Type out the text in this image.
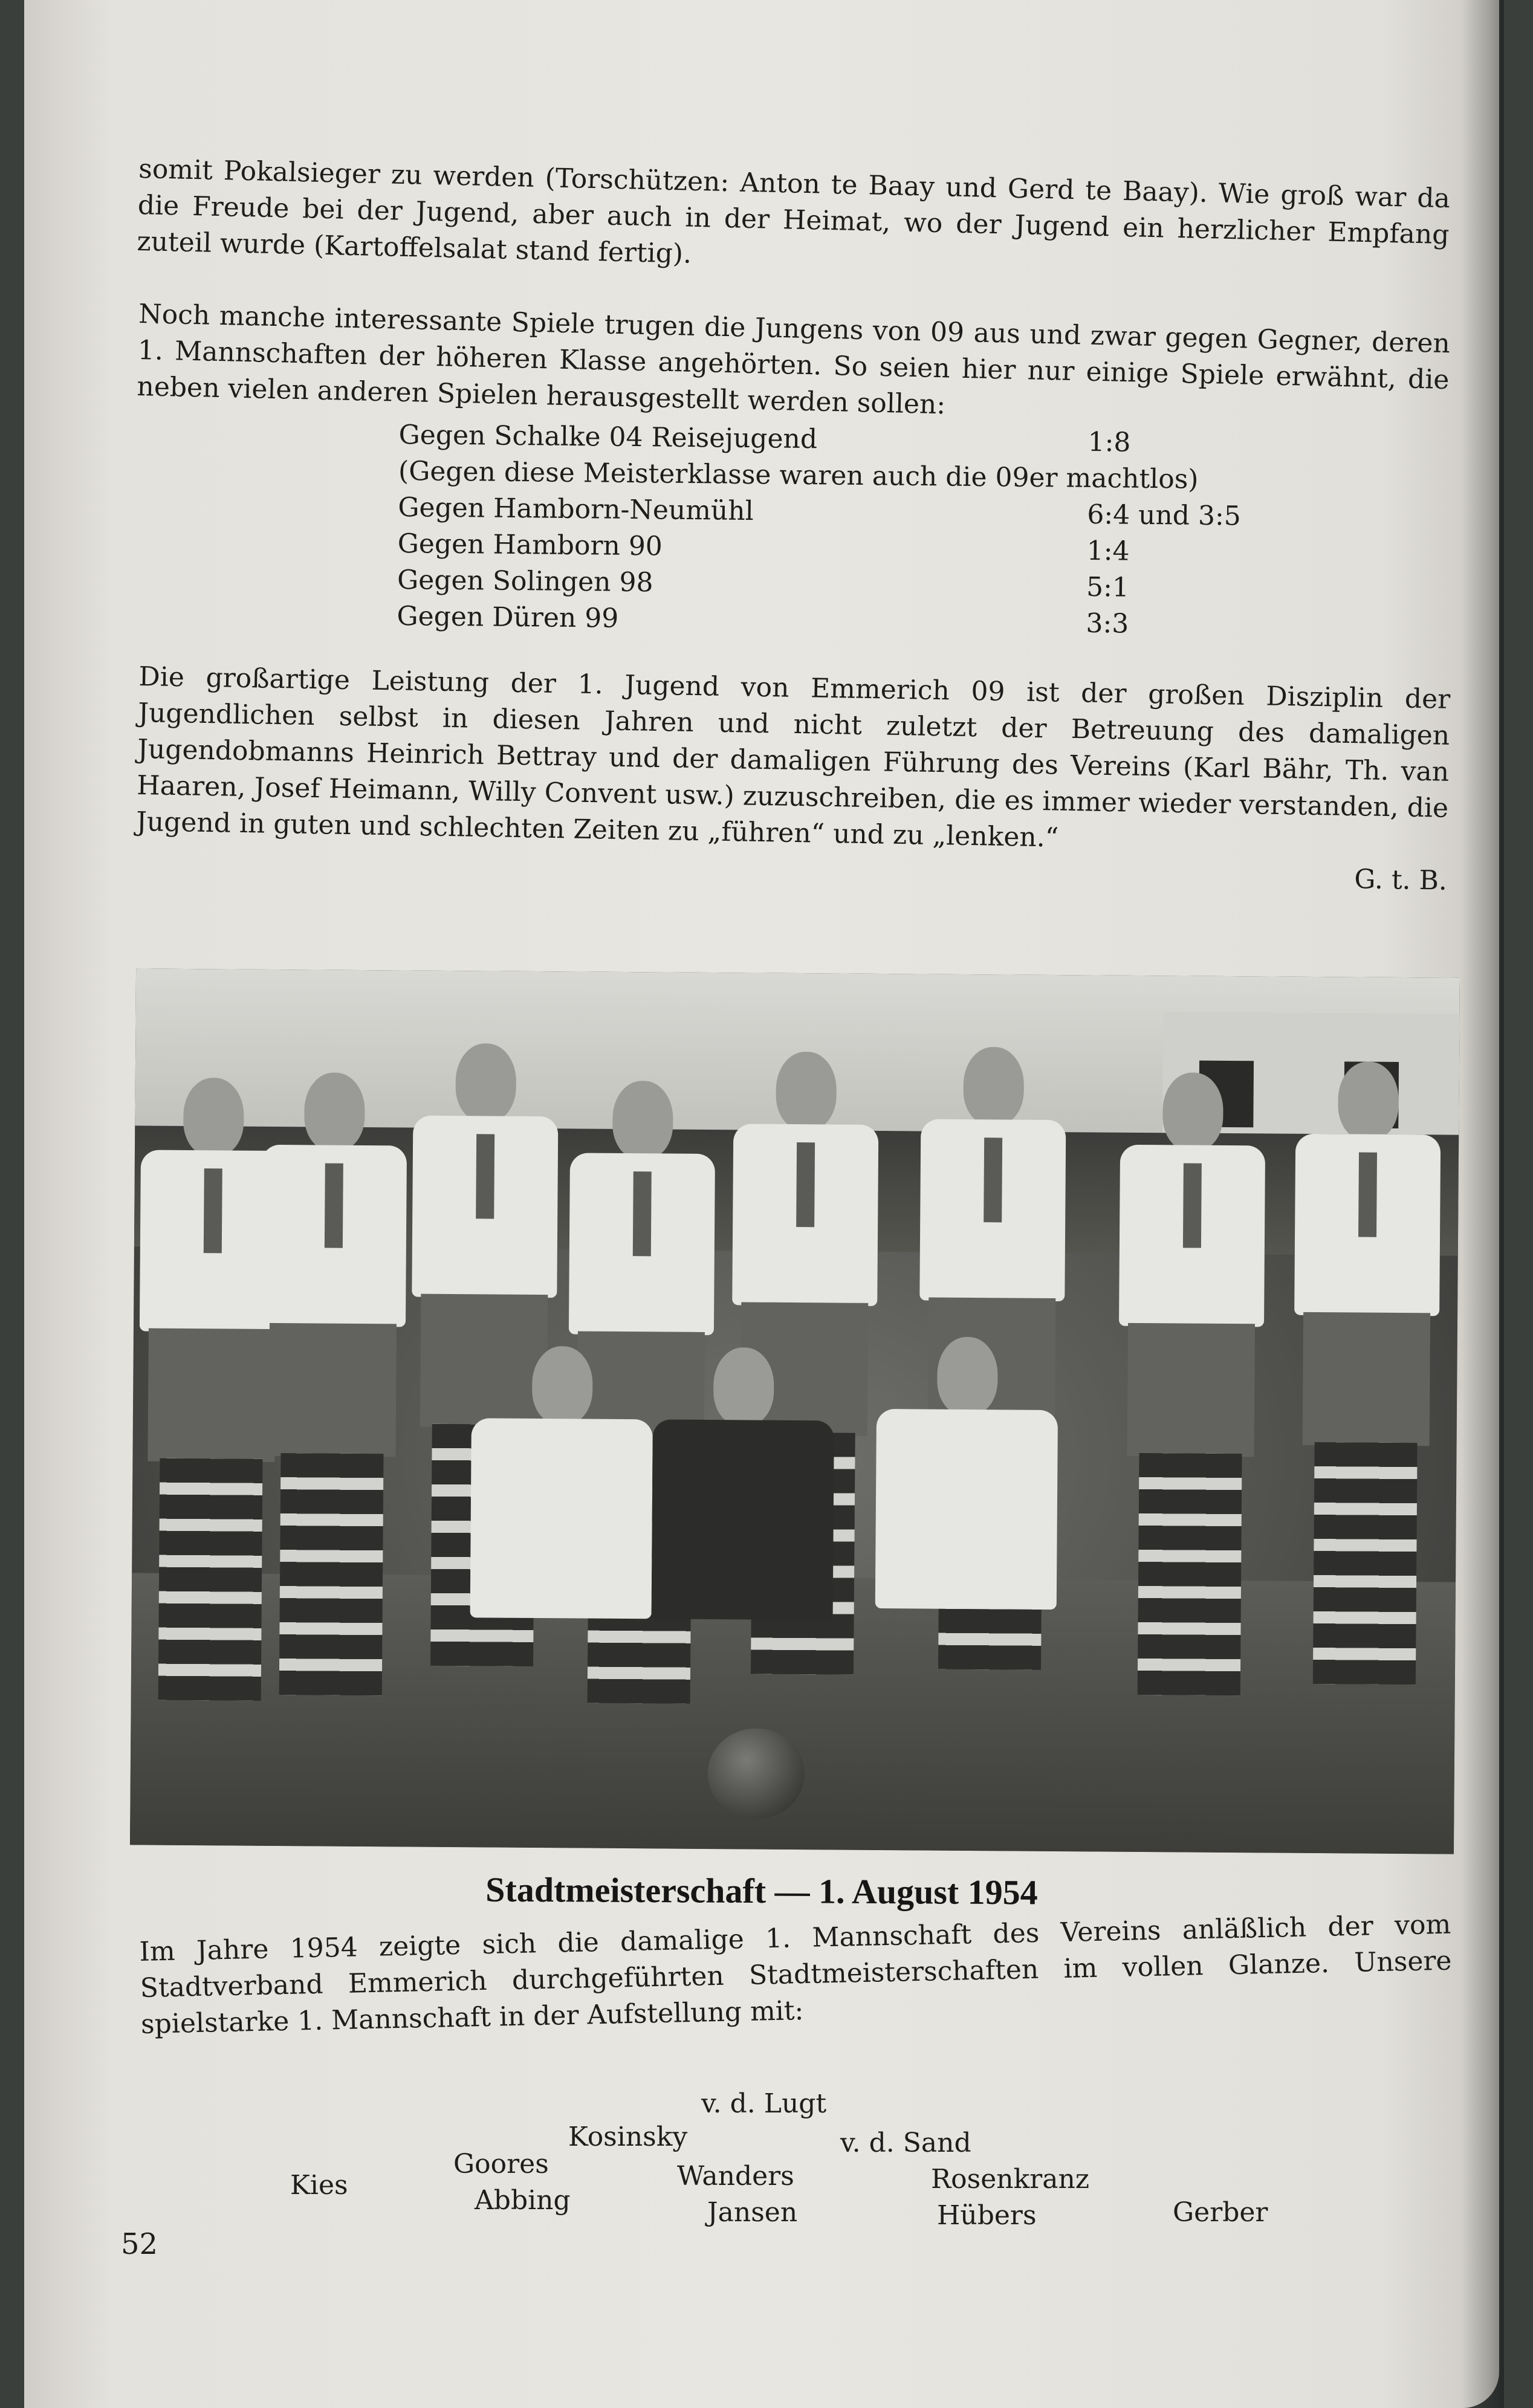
somit Pokalsieger zu werden (Torschützen: Anton te Baay und Gerd te Baay). Wie groß war da die Freude bei der Jugend, aber auch in der Heimat, wo der Jugend ein herzlicher Empfang zuteil wurde (Kartoffelsalat stand fertig).
Noch manche interessante Spiele trugen die Jungens von 09 aus und zwar gegen Gegner, deren 1. Mannschaften der höheren Klasse angehörten. So seien hier nur einige Spiele erwähnt, die neben vielen anderen Spielen herausgestellt werden sollen:
Gegen Schalke 04 Reisejugend	1:8
(Gegen diese Meisterklasse waren auch die 09er machtlos)
Gegen Hamborn-Neumühl	6:4 und 3:5
Gegen Hamborn 90	1:4
Gegen Solingen 98	5:1
Gegen Düren 99	3:3
Die großartige Leistung der 1. Jugend von Emmerich 09 ist der großen Disziplin der Jugendlichen selbst in diesen Jahren und nicht zuletzt der Betreuung des damaligen Jugendobmanns Heinrich Bettray und der damaligen Führung des Vereins (Karl Bähr, Th. van Haaren, Josef Heimann, Willy Convent usw.) zuzuschreiben, die es immer wieder verstanden, die Jugend in guten und schlechten Zeiten zu „führen“ und zu „lenken.“
G. t. B.
Stadtmeisterschaft — 1. August 1954
Im Jahre 1954 zeigte sich die damalige 1. Mannschaft des Vereins anläßlich der vom Stadtverband Emmerich durchgeführten Stadtmeisterschaften im vollen Glanze. Unsere spielstarke 1. Mannschaft in der Aufstellung mit:
v. d. Lugt
Kosinsky	v. d. Sand
Goores	Wanders	Rosenkranz
Kies	Abbing	Jansen	Hübers	Gerber
52
